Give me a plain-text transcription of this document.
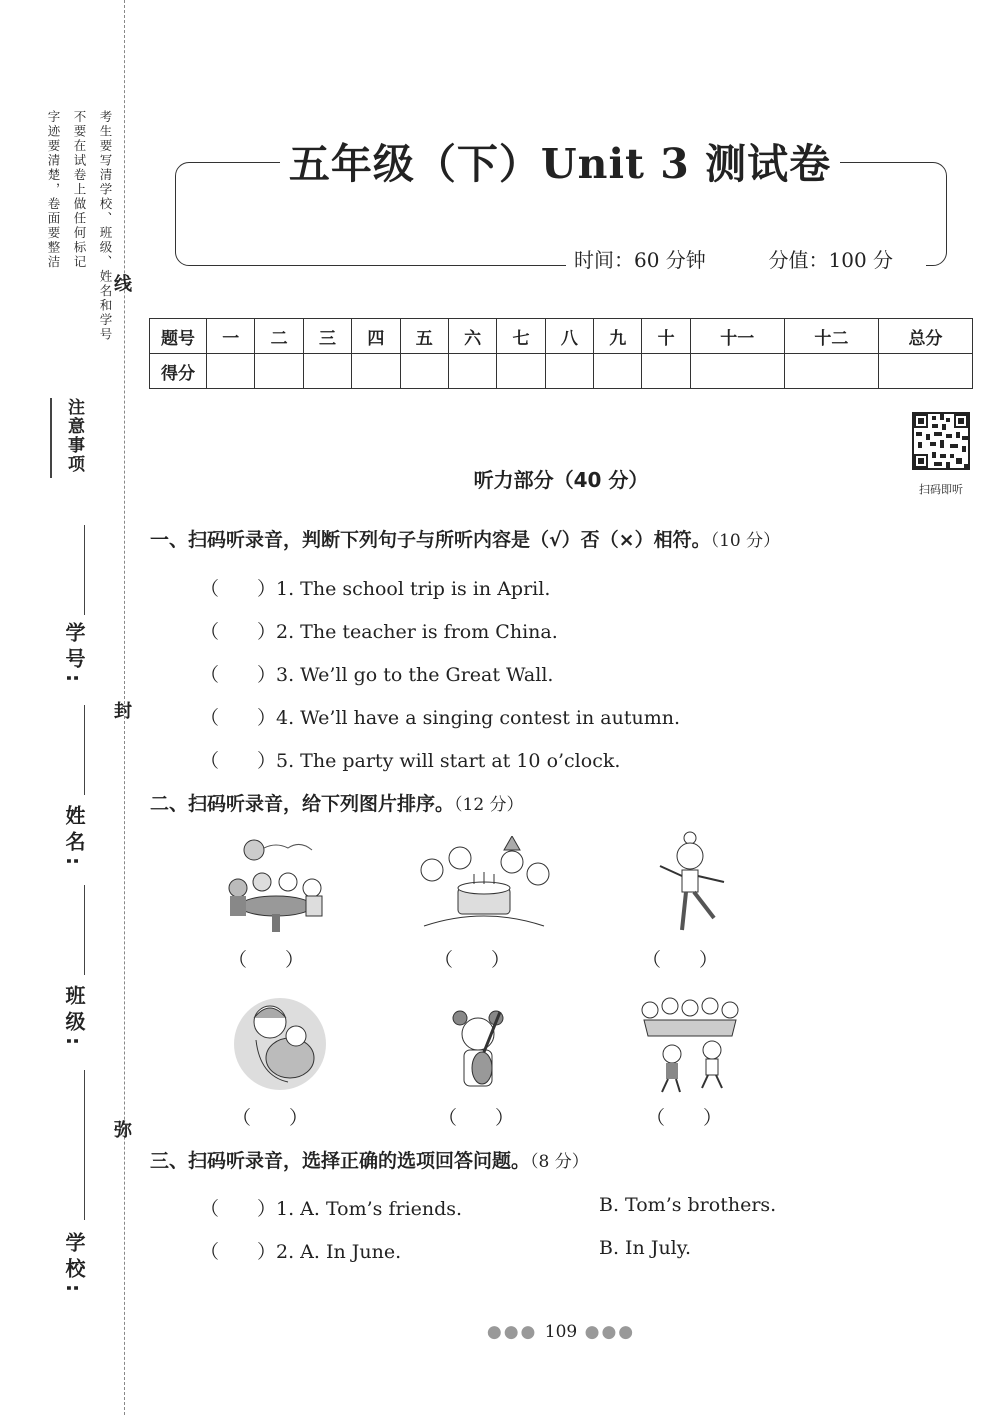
考生要写清学校、班级、姓名和学号
不要在试卷上做任何标记
字迹要清楚，卷面要整洁
注意事项
学号:
姓名:
班级:
学校:
线
封
弥
五年级（下）Unit 3 测试卷
时间：60 分钟	分值：100 分
题号	一	二	三	四	五	六	七	八	九	十	十一	十二	总分
得分													
扫码即听
听力部分（40 分）
一、扫码听录音，判断下列句子与所听内容是（√）否（×）相符。（10 分）
（　　）1. The school trip is in April.
（　　）2. The teacher is from China.
（　　）3. We’ll go to the Great Wall.
（　　）4. We’ll have a singing contest in autumn.
（　　）5. The party will start at 10 o’clock.
二、扫码听录音，给下列图片排序。（12 分）
（　　）	（　　）	（　　）
（　　）	（　　）	（　　）
三、扫码听录音，选择正确的选项回答问题。（8 分）
（　　）1. A. Tom’s friends.	B. Tom’s brothers.
（　　）2. A. In June.	B. In July.
●●● 109 ●●●
